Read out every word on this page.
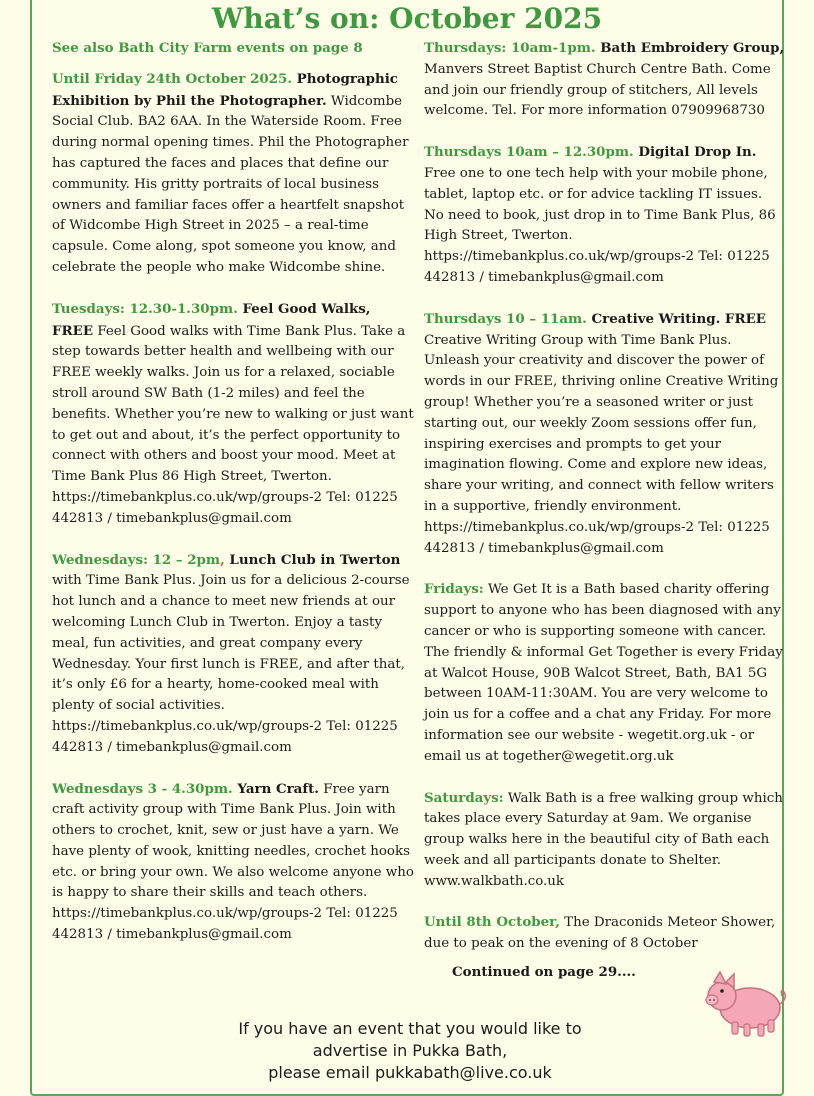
What’s on: October 2025

See also Bath City Farm events on page 8

Until Friday 24th October 2025. Photographic Exhibition by Phil the Photographer. Widcombe Social Club. BA2 6AA. In the Waterside Room. Free during normal opening times. Phil the Photographer has captured the faces and places that define our community. His gritty portraits of local business owners and familiar faces offer a heartfelt snapshot of Widcombe High Street in 2025 – a real-time capsule. Come along, spot someone you know, and celebrate the people who make Widcombe shine.

Tuesdays: 12.30-1.30pm. Feel Good Walks, FREE Feel Good walks with Time Bank Plus. Take a step towards better health and wellbeing with our FREE weekly walks. Join us for a relaxed, sociable stroll around SW Bath (1-2 miles) and feel the benefits. Whether you’re new to walking or just want to get out and about, it’s the perfect opportunity to connect with others and boost your mood. Meet at Time Bank Plus 86 High Street, Twerton. https://timebankplus.co.uk/wp/groups-2 Tel: 01225 442813 / timebankplus@gmail.com

Wednesdays: 12 – 2pm, Lunch Club in Twerton with Time Bank Plus. Join us for a delicious 2-course hot lunch and a chance to meet new friends at our welcoming Lunch Club in Twerton. Enjoy a tasty meal, fun activities, and great company every Wednesday. Your first lunch is FREE, and after that, it’s only £6 for a hearty, home-cooked meal with plenty of social activities. https://timebankplus.co.uk/wp/groups-2 Tel: 01225 442813 / timebankplus@gmail.com

Wednesdays 3 - 4.30pm. Yarn Craft. Free yarn craft activity group with Time Bank Plus. Join with others to crochet, knit, sew or just have a yarn. We have plenty of wook, knitting needles, crochet hooks etc. or bring your own. We also welcome anyone who is happy to share their skills and teach others. https://timebankplus.co.uk/wp/groups-2 Tel: 01225 442813 / timebankplus@gmail.com

Thursdays: 10am-1pm. Bath Embroidery Group, Manvers Street Baptist Church Centre Bath. Come and join our friendly group of stitchers, All levels welcome. Tel. For more information 07909968730

Thursdays 10am – 12.30pm. Digital Drop In. Free one to one tech help with your mobile phone, tablet, laptop etc. or for advice tackling IT issues. No need to book, just drop in to Time Bank Plus, 86 High Street, Twerton. https://timebankplus.co.uk/wp/groups-2 Tel: 01225 442813 / timebankplus@gmail.com

Thursdays 10 – 11am. Creative Writing. FREE Creative Writing Group with Time Bank Plus. Unleash your creativity and discover the power of words in our FREE, thriving online Creative Writing group! Whether you’re a seasoned writer or just starting out, our weekly Zoom sessions offer fun, inspiring exercises and prompts to get your imagination flowing. Come and explore new ideas, share your writing, and connect with fellow writers in a supportive, friendly environment. https://timebankplus.co.uk/wp/groups-2 Tel: 01225 442813 / timebankplus@gmail.com

Fridays: We Get It is a Bath based charity offering support to anyone who has been diagnosed with any cancer or who is supporting someone with cancer. The friendly & informal Get Together is every Friday at Walcot House, 90B Walcot Street, Bath, BA1 5G between 10AM-11:30AM. You are very welcome to join us for a coffee and a chat any Friday. For more information see our website - wegetit.org.uk - or email us at together@wegetit.org.uk

Saturdays: Walk Bath is a free walking group which takes place every Saturday at 9am. We organise group walks here in the beautiful city of Bath each week and all participants donate to Shelter. www.walkbath.co.uk

Until 8th October, The Draconids Meteor Shower, due to peak on the evening of 8 October

Continued on page 29....
If you have an event that you would like to
advertise in Pukka Bath,
please email pukkabath@live.co.uk
